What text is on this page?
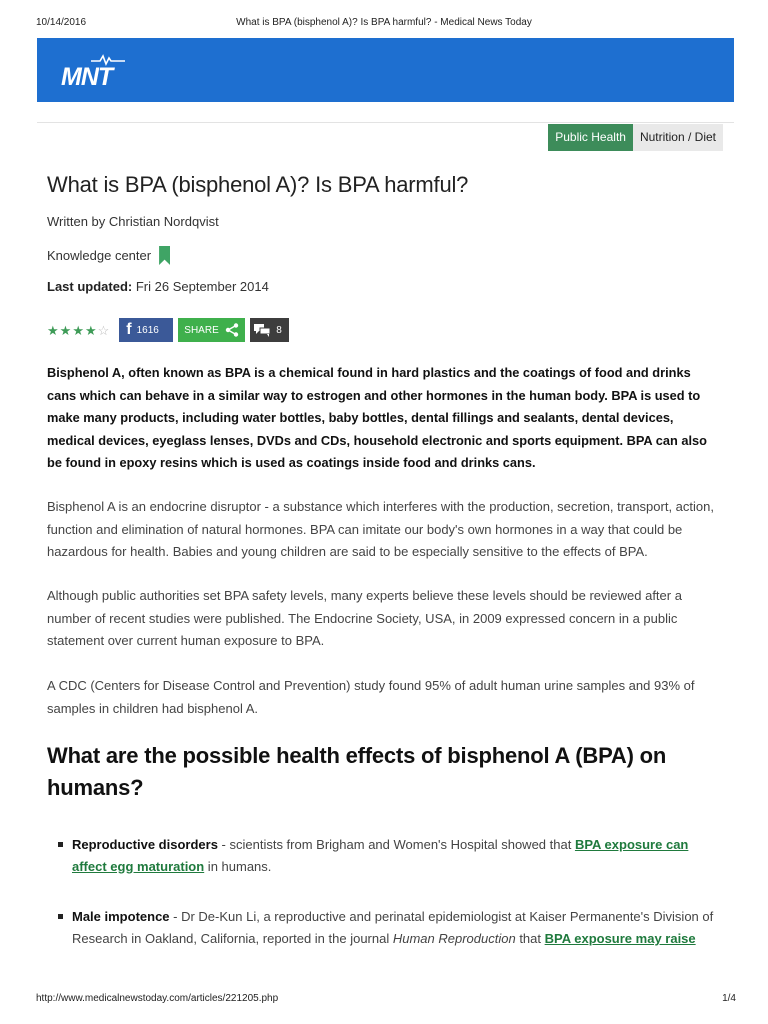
10/14/2016	What is BPA (bisphenol A)? Is BPA harmful? - Medical News Today
MNT
Public Health	Nutrition / Diet
What is BPA (bisphenol A)? Is BPA harmful?
Written by Christian Nordqvist
Knowledge center
Last updated: Fri 26 September 2014
★ ★ ★ ★ ☆ f 1616	SHARE	8

Bisphenol A, often known as BPA is a chemical found in hard plastics and the coatings of food and drinks cans which can behave in a similar way to estrogen and other hormones in the human body. BPA is used to make many products, including water bottles, baby bottles, dental fillings and sealants, dental devices, medical devices, eyeglass lenses, DVDs and CDs, household electronic and sports equipment. BPA can also be found in epoxy resins which is used as coatings inside food and drinks cans.

Bisphenol A is an endocrine disruptor - a substance which interferes with the production, secretion, transport, action, function and elimination of natural hormones. BPA can imitate our body's own hormones in a way that could be hazardous for health. Babies and young children are said to be especially sensitive to the effects of BPA.

Although public authorities set BPA safety levels, many experts believe these levels should be reviewed after a number of recent studies were published. The Endocrine Society, USA, in 2009 expressed concern in a public statement over current human exposure to BPA.

A CDC (Centers for Disease Control and Prevention) study found 95% of adult human urine samples and 93% of samples in children had bisphenol A.

What are the possible health effects of bisphenol A (BPA) on humans?
Reproductive disorders - scientists from Brigham and Women's Hospital showed that BPA exposure can affect egg maturation in humans.
Male impotence - Dr De-Kun Li, a reproductive and perinatal epidemiologist at Kaiser Permanente's Division of Research in Oakland, California, reported in the journal Human Reproduction that BPA exposure may raise
http://www.medicalnewstoday.com/articles/221205.php	1/4
